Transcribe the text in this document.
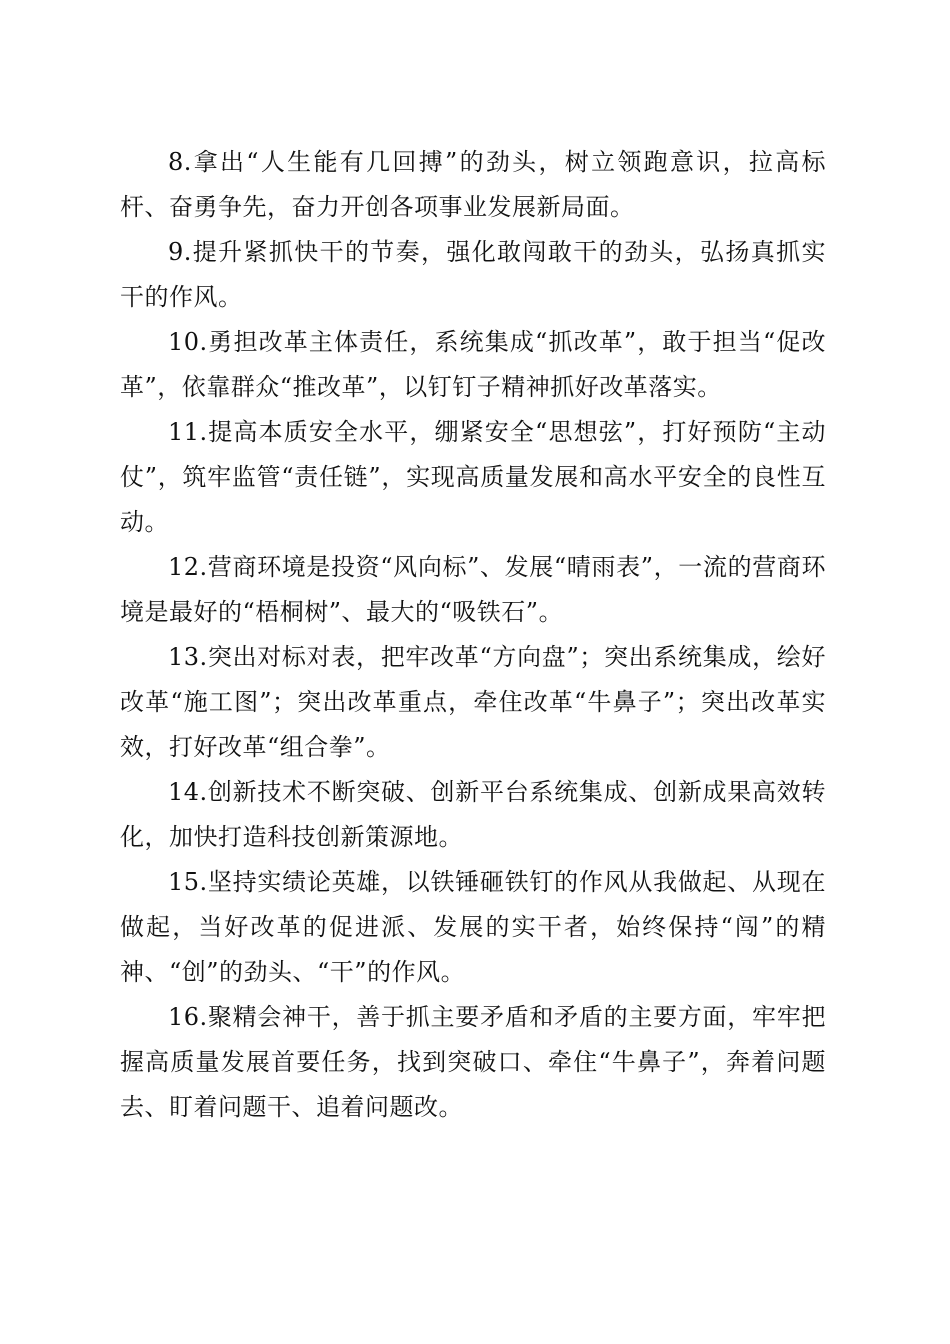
8.拿出“人生能有几回搏”的劲头，树立领跑意识，拉高标杆、奋勇争先，奋力开创各项事业发展新局面。

9.提升紧抓快干的节奏，强化敢闯敢干的劲头，弘扬真抓实干的作风。

10.勇担改革主体责任，系统集成“抓改革”，敢于担当“促改革”，依靠群众“推改革”，以钉钉子精神抓好改革落实。

11.提高本质安全水平，绷紧安全“思想弦”，打好预防“主动仗”，筑牢监管“责任链”，实现高质量发展和高水平安全的良性互动。

12.营商环境是投资“风向标”、发展“晴雨表”，一流的营商环境是最好的“梧桐树”、最大的“吸铁石”。

13.突出对标对表，把牢改革“方向盘”；突出系统集成，绘好改革“施工图”；突出改革重点，牵住改革“牛鼻子”；突出改革实效，打好改革“组合拳”。

14.创新技术不断突破、创新平台系统集成、创新成果高效转化，加快打造科技创新策源地。

15.坚持实绩论英雄，以铁锤砸铁钉的作风从我做起、从现在做起，当好改革的促进派、发展的实干者，始终保持“闯”的精神、“创”的劲头、“干”的作风。

16.聚精会神干，善于抓主要矛盾和矛盾的主要方面，牢牢把握高质量发展首要任务，找到突破口、牵住“牛鼻子”，奔着问题去、盯着问题干、追着问题改。
